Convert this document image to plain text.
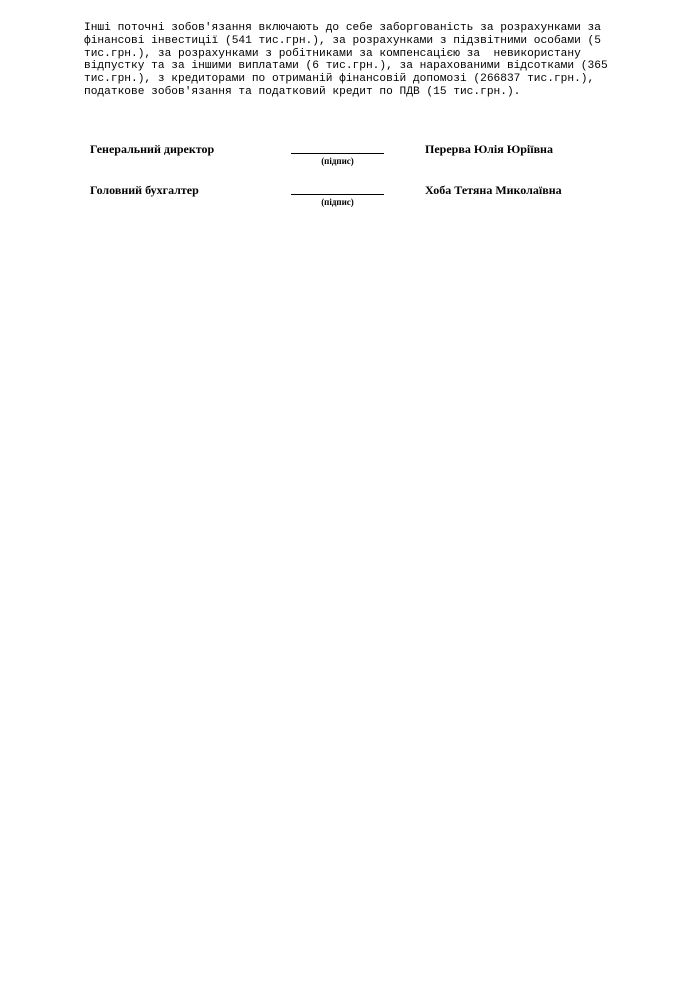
Інші поточні зобов'язання включають до себе заборгованість за розрахунками за
фінансові інвестиції (541 тис.грн.), за розрахунками з підзвітними особами (5
тис.грн.), за розрахунками з робітниками за компенсацією за  невикористану
відпустку та за іншими виплатами (6 тис.грн.), за нарахованими відсотками (365
тис.грн.), з кредиторами по отриманій фінансовій допомозі (266837 тис.грн.),
податкове зобов'язання та податковий кредит по ПДВ (15 тис.грн.).
Генеральний директор
(підпис)
Перерва Юлія Юріївна
Головний бухгалтер
(підпис)
Хоба Тетяна Миколаївна
